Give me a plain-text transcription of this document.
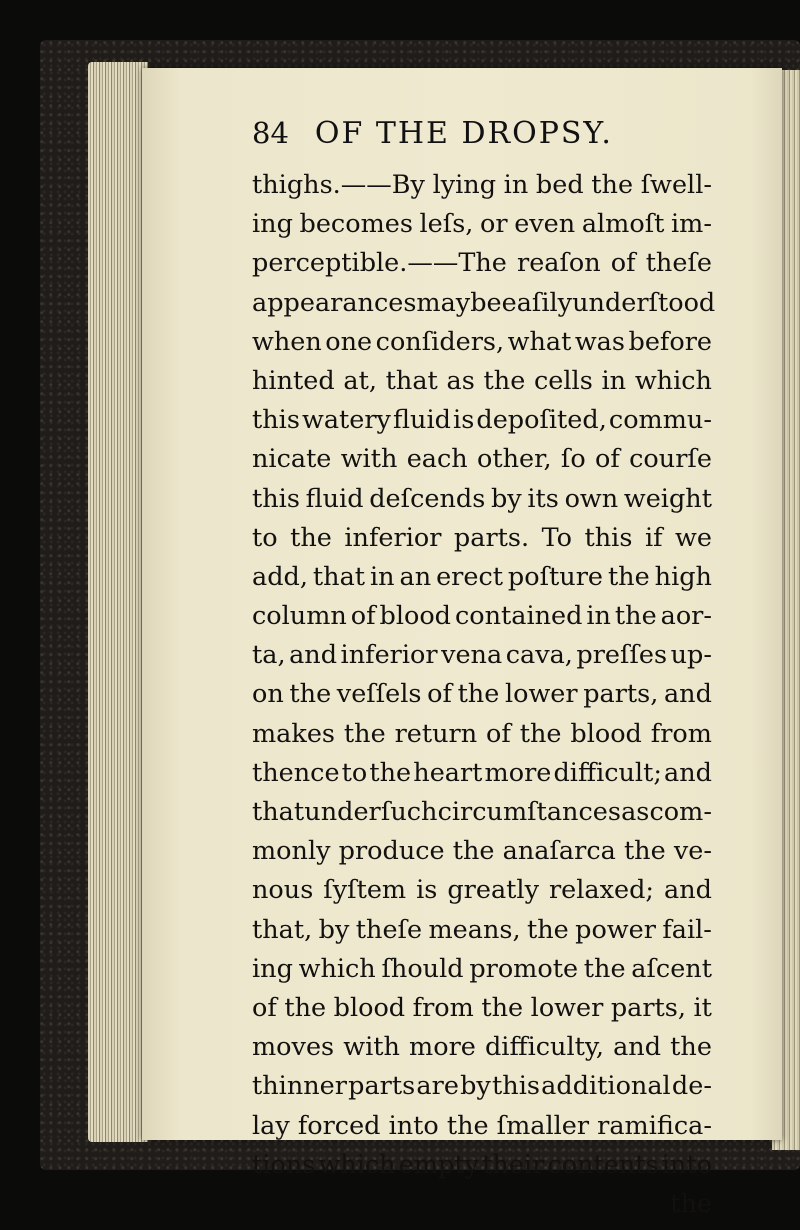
84 OF THE DROPSY.
thighs.——By lying in bed the ſwell-
ing becomes leſs, or even almoſt im-
perceptible.——The reaſon of theſe
appearances may be eaſily underſtood
when one conſiders, what was before
hinted at, that as the cells in which
this watery fluid is depoſited, commu-
nicate with each other, ſo of courſe
this fluid deſcends by its own weight
to the inferior parts. To this if we
add, that in an erect poſture the high
column of blood contained in the aor-
ta, and inferior vena cava, preſſes up-
on the veſſels of the lower parts, and
makes the return of the blood from
thence to the heart more difficult; and
that under ſuch circumſtances as com-
monly produce the anaſarca the ve-
nous ſyſtem is greatly relaxed; and
that, by theſe means, the power fail-
ing which ſhould promote the aſcent
of the blood from the lower parts, it
moves with more difficulty, and the
thinner parts are by this additional de-
lay forced into the ſmaller ramifica-
tions which empty their contents into
the
